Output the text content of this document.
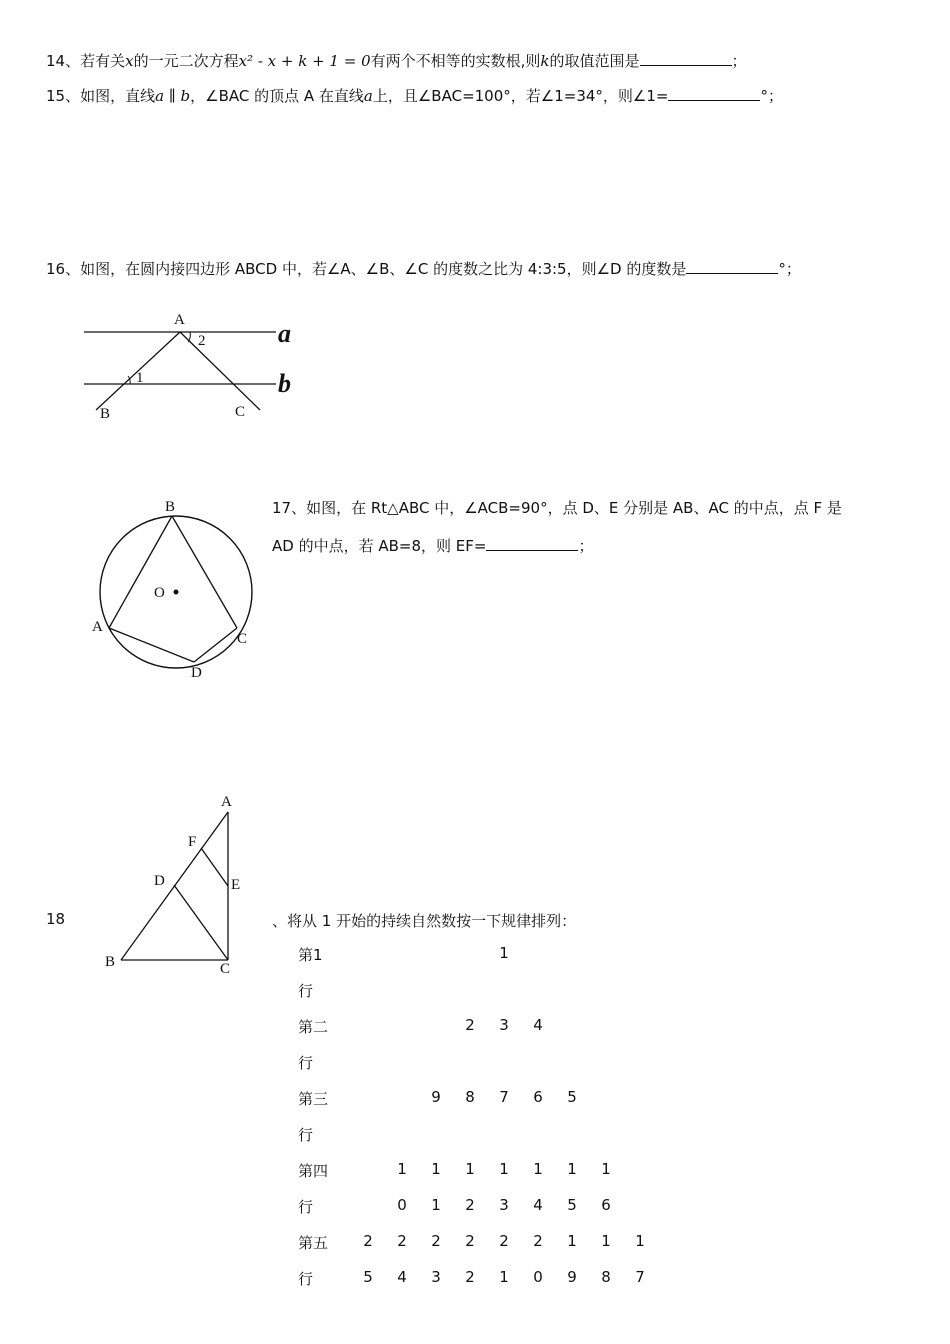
14、若有关x的一元二次方程x² - x + k + 1 = 0有两个不相等的实数根,则k的取值范围是	；
15、如图，直线a ∥ b，∠BAC 的顶点 A 在直线a上，且∠BAC=100°，若∠1=34°，则∠1=	°；
16、如图，在圆内接四边形 ABCD 中，若∠A、∠B、∠C 的度数之比为 4:3:5，则∠D 的度数是	°；
A
2
1
B	C
a
b
B
O
A
C
D
17、如图，在 Rt△ABC 中，∠ACB=90°，点 D、E 分别是 AB、AC 的中点，点 F 是
AD 的中点，若 AB=8，则 EF=	；
A
F
D	E
B	C
18	、将从 1 开始的持续自然数按一下规律排列：
第1
行
1
第二
行
2	3	4
第三
行
9	8	7	6	5
第四
行
1	1	1	1	1	1	1
0	1	2	3	4	5	6
第五
行
2	2	2	2	2	2	1	1	1
5	4	3	2	1	0	9	8	7
